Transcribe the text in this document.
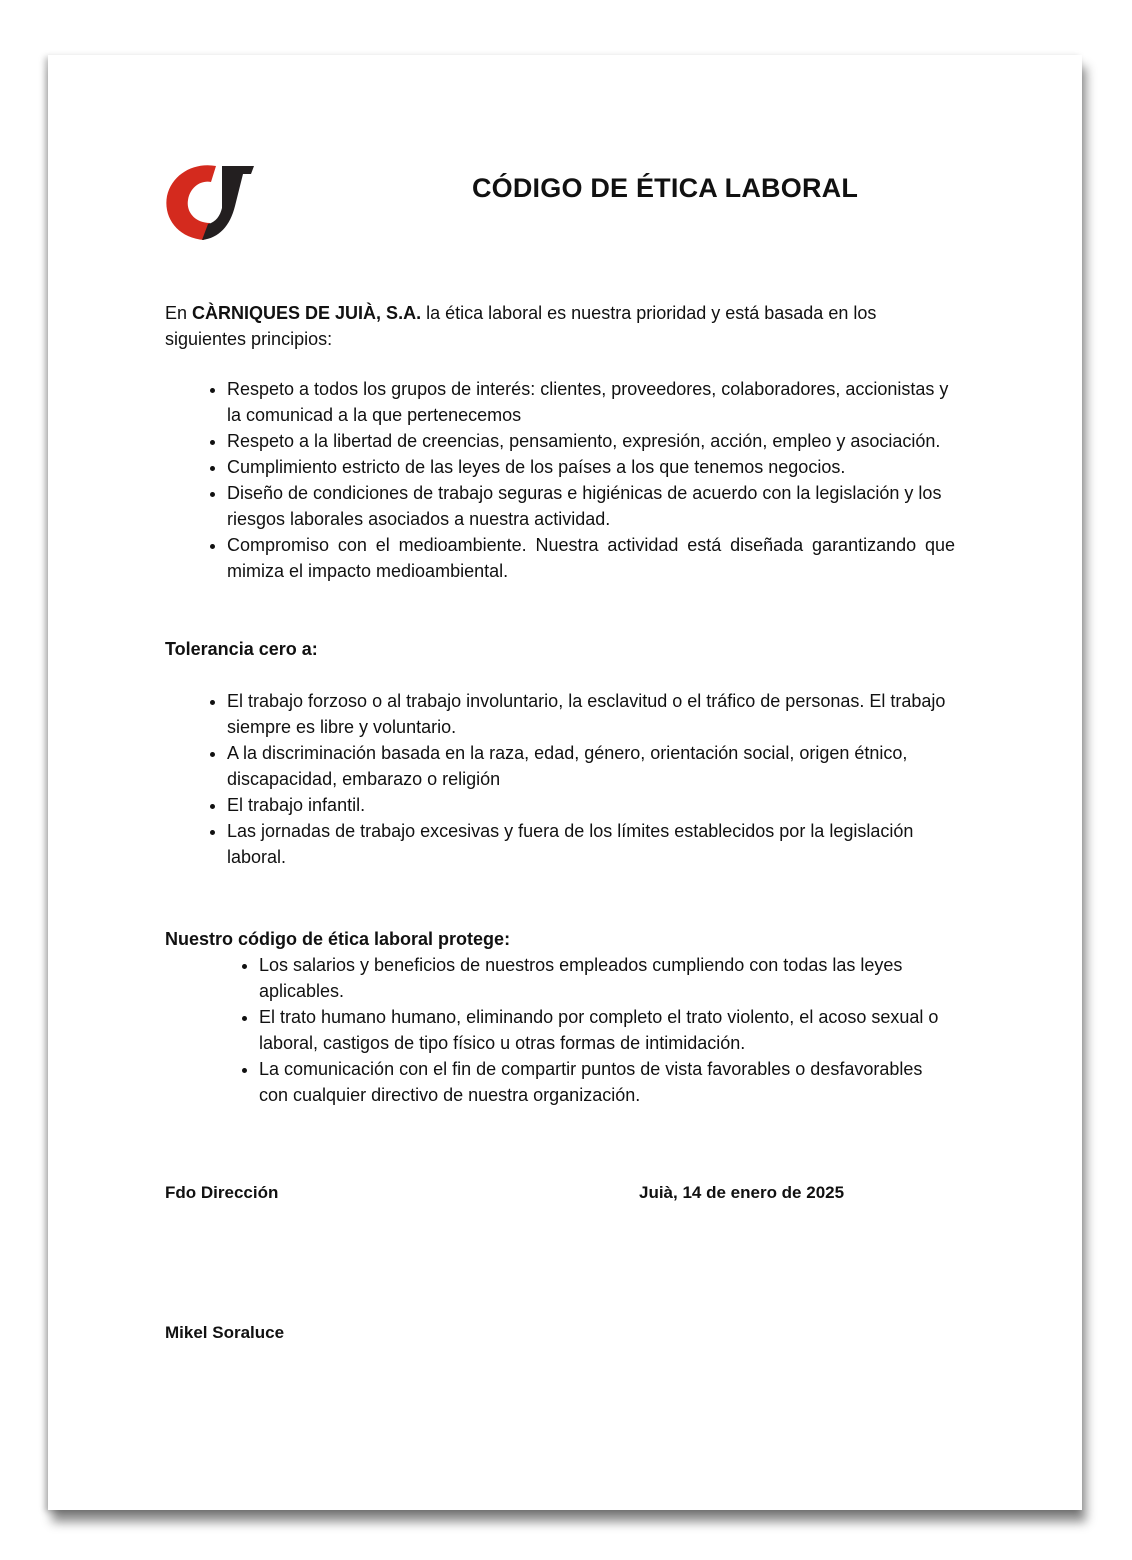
CÓDIGO DE ÉTICA LABORAL

En CÀRNIQUES DE JUIÀ, S.A. la ética laboral es nuestra prioridad y está basada en los siguientes principios:

• Respeto a todos los grupos de interés: clientes, proveedores, colaboradores, accionistas y la comunicad a la que pertenecemos
• Respeto a la libertad de creencias, pensamiento, expresión, acción, empleo y asociación.
• Cumplimiento estricto de las leyes de los países a los que tenemos negocios.
• Diseño de condiciones de trabajo seguras e higiénicas de acuerdo con la legislación y los riesgos laborales asociados a nuestra actividad.
• Compromiso con el medioambiente. Nuestra actividad está diseñada garantizando que mimiza el impacto medioambiental.

Tolerancia cero a:

• El trabajo forzoso o al trabajo involuntario, la esclavitud o el tráfico de personas. El trabajo siempre es libre y voluntario.
• A la discriminación basada en la raza, edad, género, orientación social, origen étnico, discapacidad, embarazo o religión
• El trabajo infantil.
• Las jornadas de trabajo excesivas y fuera de los límites establecidos por la legislación laboral.

Nuestro código de ética laboral protege:

• Los salarios y beneficios de nuestros empleados cumpliendo con todas las leyes aplicables.
• El trato humano humano, eliminando por completo el trato violento, el acoso sexual o laboral, castigos de tipo físico u otras formas de intimidación.
• La comunicación con el fin de compartir puntos de vista favorables o desfavorables con cualquier directivo de nuestra organización.
Fdo Dirección	Juià, 14 de enero de 2025
Mikel Soraluce
